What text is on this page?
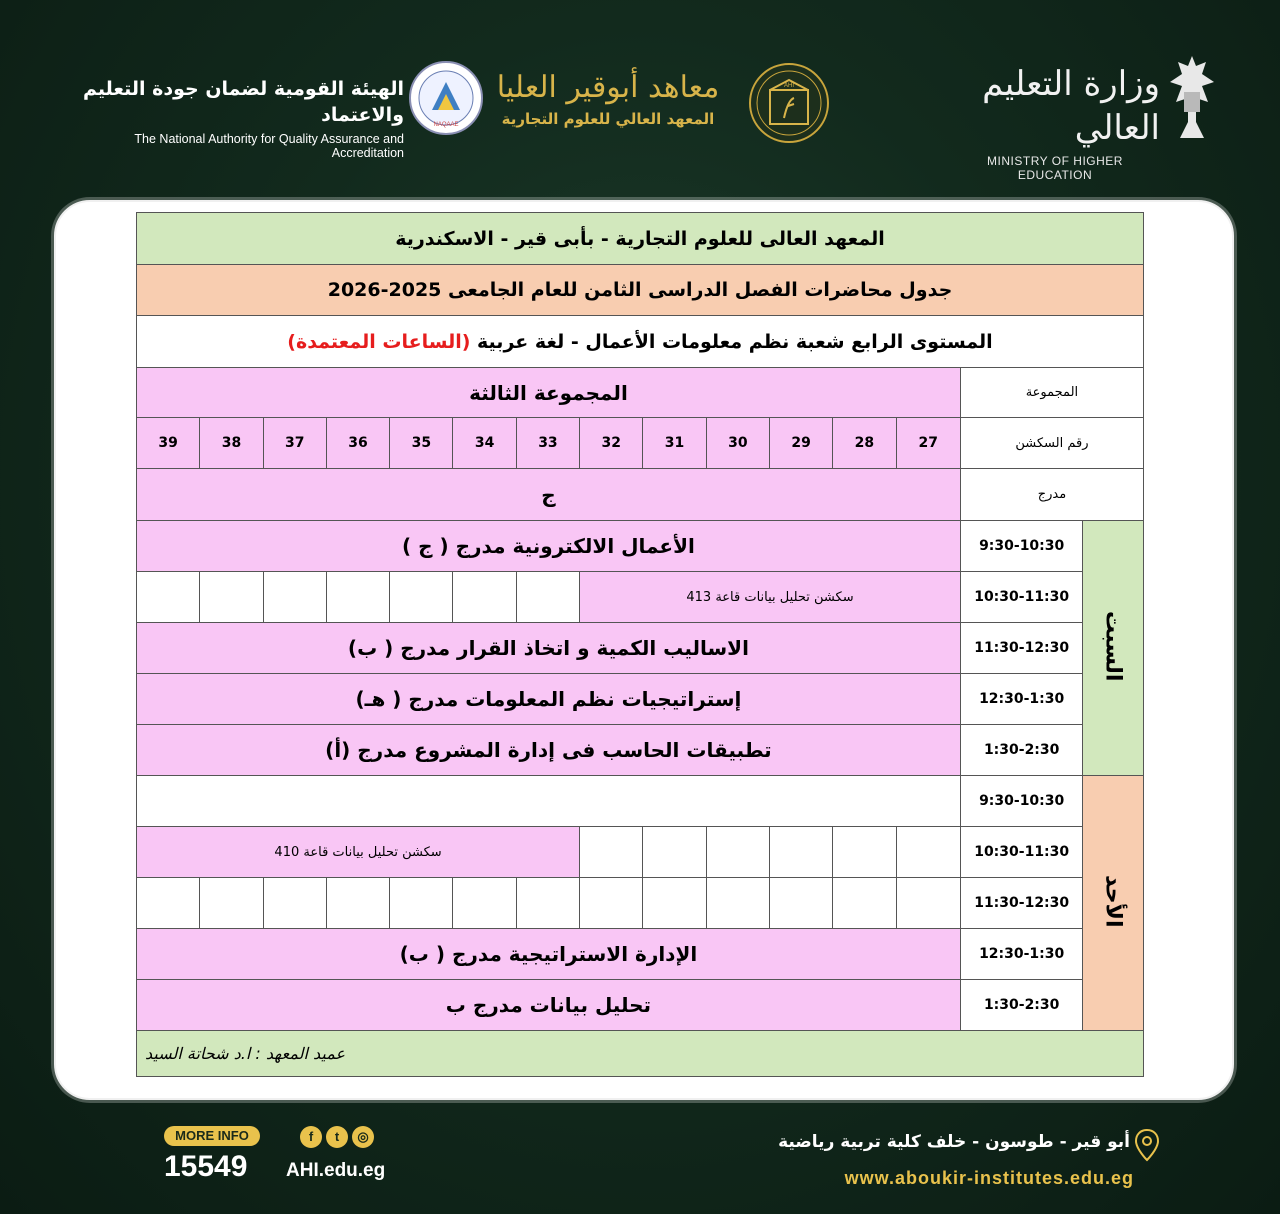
وزارة التعليم العالي
MINISTRY OF HIGHER EDUCATION
AHI
معاهد أبوقير العليا
المعهد العالي للعلوم التجارية
NAQAAE
الهيئة القومية لضمان جودة التعليم والاعتماد
The National Authority for Quality Assurance and Accreditation
المعهد العالى للعلوم التجارية - بأبى قير - الاسكندرية														
جدول محاضرات الفصل الدراسى الثامن للعام الجامعى 2025-2026														
المستوى الرابع شعبة نظم معلومات الأعمال - لغة عربية (الساعات المعتمدة)														
المجموعة الثالثة													المجموعة	
39	38	37	36	35	34	33	32	31	30	29	28	27	رقم السكشن	
ج													مدرج	
الأعمال الالكترونية مدرج ( ج )													9:30-10:30	السبت
							سكشن تحليل بيانات قاعة 413						10:30-11:30	
الاساليب الكمية و اتخاذ القرار مدرج ( ب)													11:30-12:30	
إستراتيجيات نظم المعلومات مدرج ( هـ)													12:30-1:30	
تطبيقات الحاسب فى إدارة المشروع مدرج (أ)													1:30-2:30	
													9:30-10:30	الأحد
سكشن تحليل بيانات قاعة 410													10:30-11:30	
													11:30-12:30	
الإدارة الاستراتيجية مدرج ( ب)													12:30-1:30	
تحليل بيانات مدرج ب													1:30-2:30	
عميد المعهد : ا.د شحاتة السيد														
MORE INFO
15549
f t ◎
AHI.edu.eg
أبو قير - طوسون - خلف كلية تربية رياضية
www.aboukir-institutes.edu.eg
